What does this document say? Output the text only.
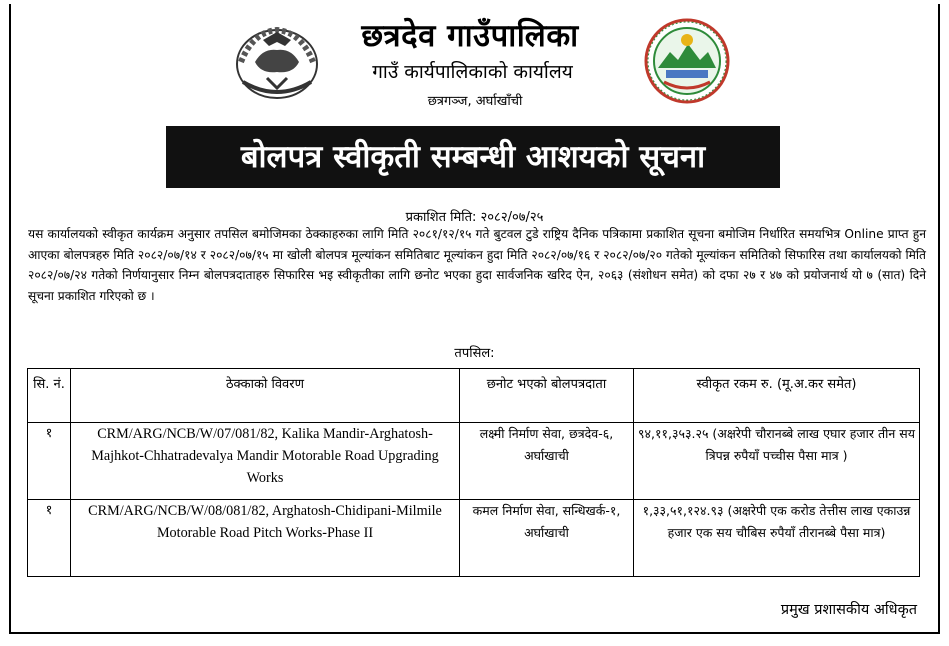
छत्रदेव गाउँपालिका
गाउँ कार्यपालिकाको कार्यालय
छत्रगञ्ज, अर्घाखाँची
बोलपत्र स्वीकृती सम्बन्धी आशयको सूचना
प्रकाशित मिति: २०८२/०७/२५
यस कार्यालयको स्वीकृत कार्यक्रम अनुसार तपसिल बमोजिमका ठेक्काहरुका लागि मिति २०८१/१२/१५ गते बुटवल टुडे राष्ट्रिय दैनिक पत्रिकामा प्रकाशित सूचना बमोजिम निर्धारित समयभित्र Online प्राप्त हुन आएका बोलपत्रहरु मिति २०८२/०७/१४ र २०८२/०७/१५ मा खोली बोलपत्र मूल्यांकन समितिबाट मूल्यांकन हुदा मिति २०८२/०७/१६ र २०८२/०७/२० गतेको मूल्यांकन समितिको सिफारिस तथा कार्यालयको मिति २०८२/०७/२४ गतेको निर्णयानुसार निम्न बोलपत्रदाताहरु सिफारिस भइ स्वीकृतीका लागि छनोट भएका हुदा सार्वजनिक खरिद ऐन, २०६३ (संशोधन समेत) को दफा २७ र ४७ को प्रयोजनार्थ यो ७ (सात) दिने सूचना प्रकाशित गरिएको छ ।
तपसिल:
सि. नं.	ठेक्काको विवरण	छनोट भएको बोलपत्रदाता	स्वीकृत रकम रु. (मू.अ.कर समेत)
१	CRM/ARG/NCB/W/07/081/82, Kalika Mandir-Arghatosh-Majhkot-Chhatradevalya Mandir Motorable Road Upgrading Works	लक्ष्मी निर्माण सेवा, छत्रदेव-६, अर्घाखाची	९४,११,३५३.२५ (अक्षरेपी चौरानब्बे लाख एघार हजार तीन सय त्रिपन्न रुपैयाँ पच्चीस पैसा मात्र )
१	CRM/ARG/NCB/W/08/081/82, Arghatosh-Chidipani-Milmile Motorable Road Pitch Works-Phase II	कमल निर्माण सेवा, सन्धिखर्क-१, अर्घाखाची	१,३३,५१,१२४.९३ (अक्षरेपी एक करोड तेत्तीस लाख एकाउन्न हजार एक सय चौबिस रुपैयाँ तीरानब्बे पैसा मात्र)
प्रमुख प्रशासकीय अधिकृत
